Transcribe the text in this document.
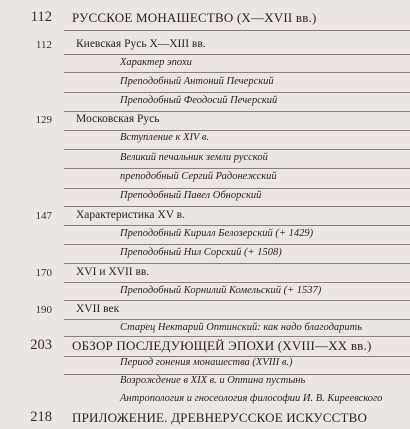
112 РУССКОЕ МОНАШЕСТВО (X—XVII вв.)
112 Киевская Русь X—XIII вв.
Характер эпохи
Преподобный Антоний Печерский
Преподобный Феодосий Печерский
129 Московская Русь
Вступление к XIV в.
Великий печальник земли русской
преподобный Сергий Радонежский
Преподобный Павел Обнорский
147 Характеристика XV в.
Преподобный Кирилл Белозерский (+ 1429)
Преподобный Нил Сорский (+ 1508)
170 XVI и XVII вв.
Преподобный Корнилий Комельский (+ 1537)
190 XVII век
Старец Нектарий Оптинский: как надо благодарить
203 ОБЗОР ПОСЛЕДУЮЩЕЙ ЭПОХИ (XVIII—XX вв.)
Период гонения монашества (XVIII в.)
Возрождение в XIX в. и Оптина пустынь
Антропология и гносеология философии И. В. Киреевского
218 ПРИЛОЖЕНИЕ. ДРЕВНЕРУССКОЕ ИСКУССТВО
